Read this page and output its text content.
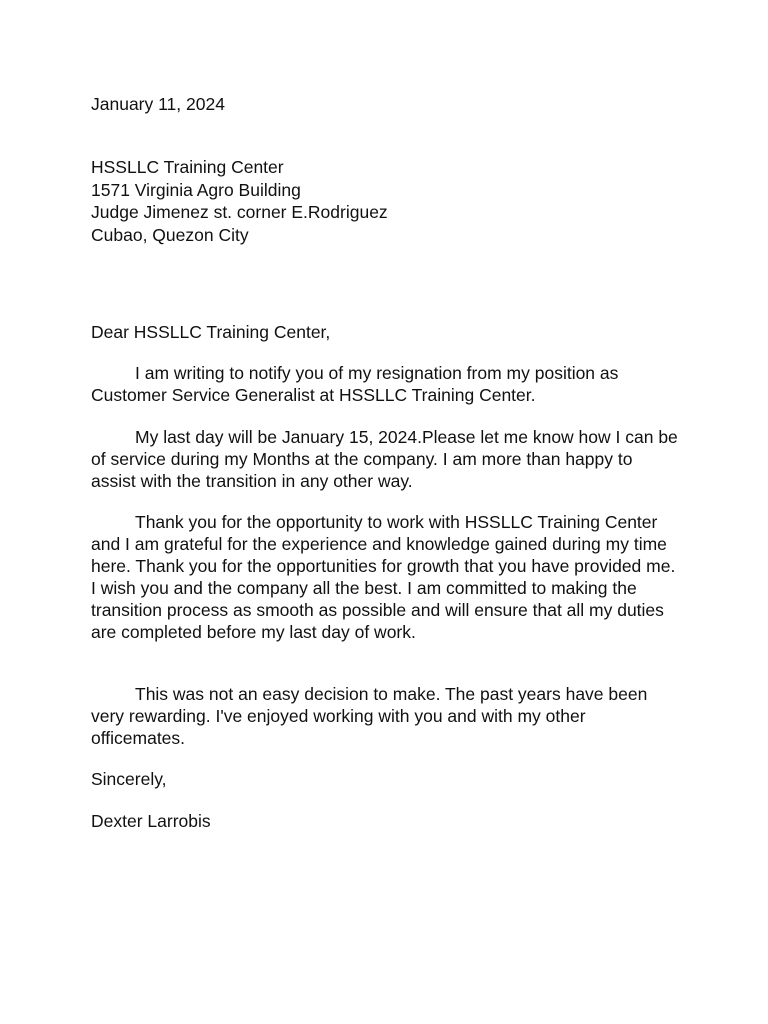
January 11, 2024

HSSLLC Training Center
1571 Virginia Agro Building
Judge Jimenez st. corner E.Rodriguez
Cubao, Quezon City

Dear HSSLLC Training Center,

I am writing to notify you of my resignation from my position as Customer Service Generalist at HSSLLC Training Center.

My last day will be January 15, 2024.Please let me know how I can be of service during my Months at the company. I am more than happy to assist with the transition in any other way.

Thank you for the opportunity to work with HSSLLC Training Center and I am grateful for the experience and knowledge gained during my time here. Thank you for the opportunities for growth that you have provided me. I wish you and the company all the best. I am committed to making the transition process as smooth as possible and will ensure that all my duties are completed before my last day of work.

This was not an easy decision to make. The past years have been very rewarding. I've enjoyed working with you and with my other officemates.

Sincerely,

Dexter Larrobis
